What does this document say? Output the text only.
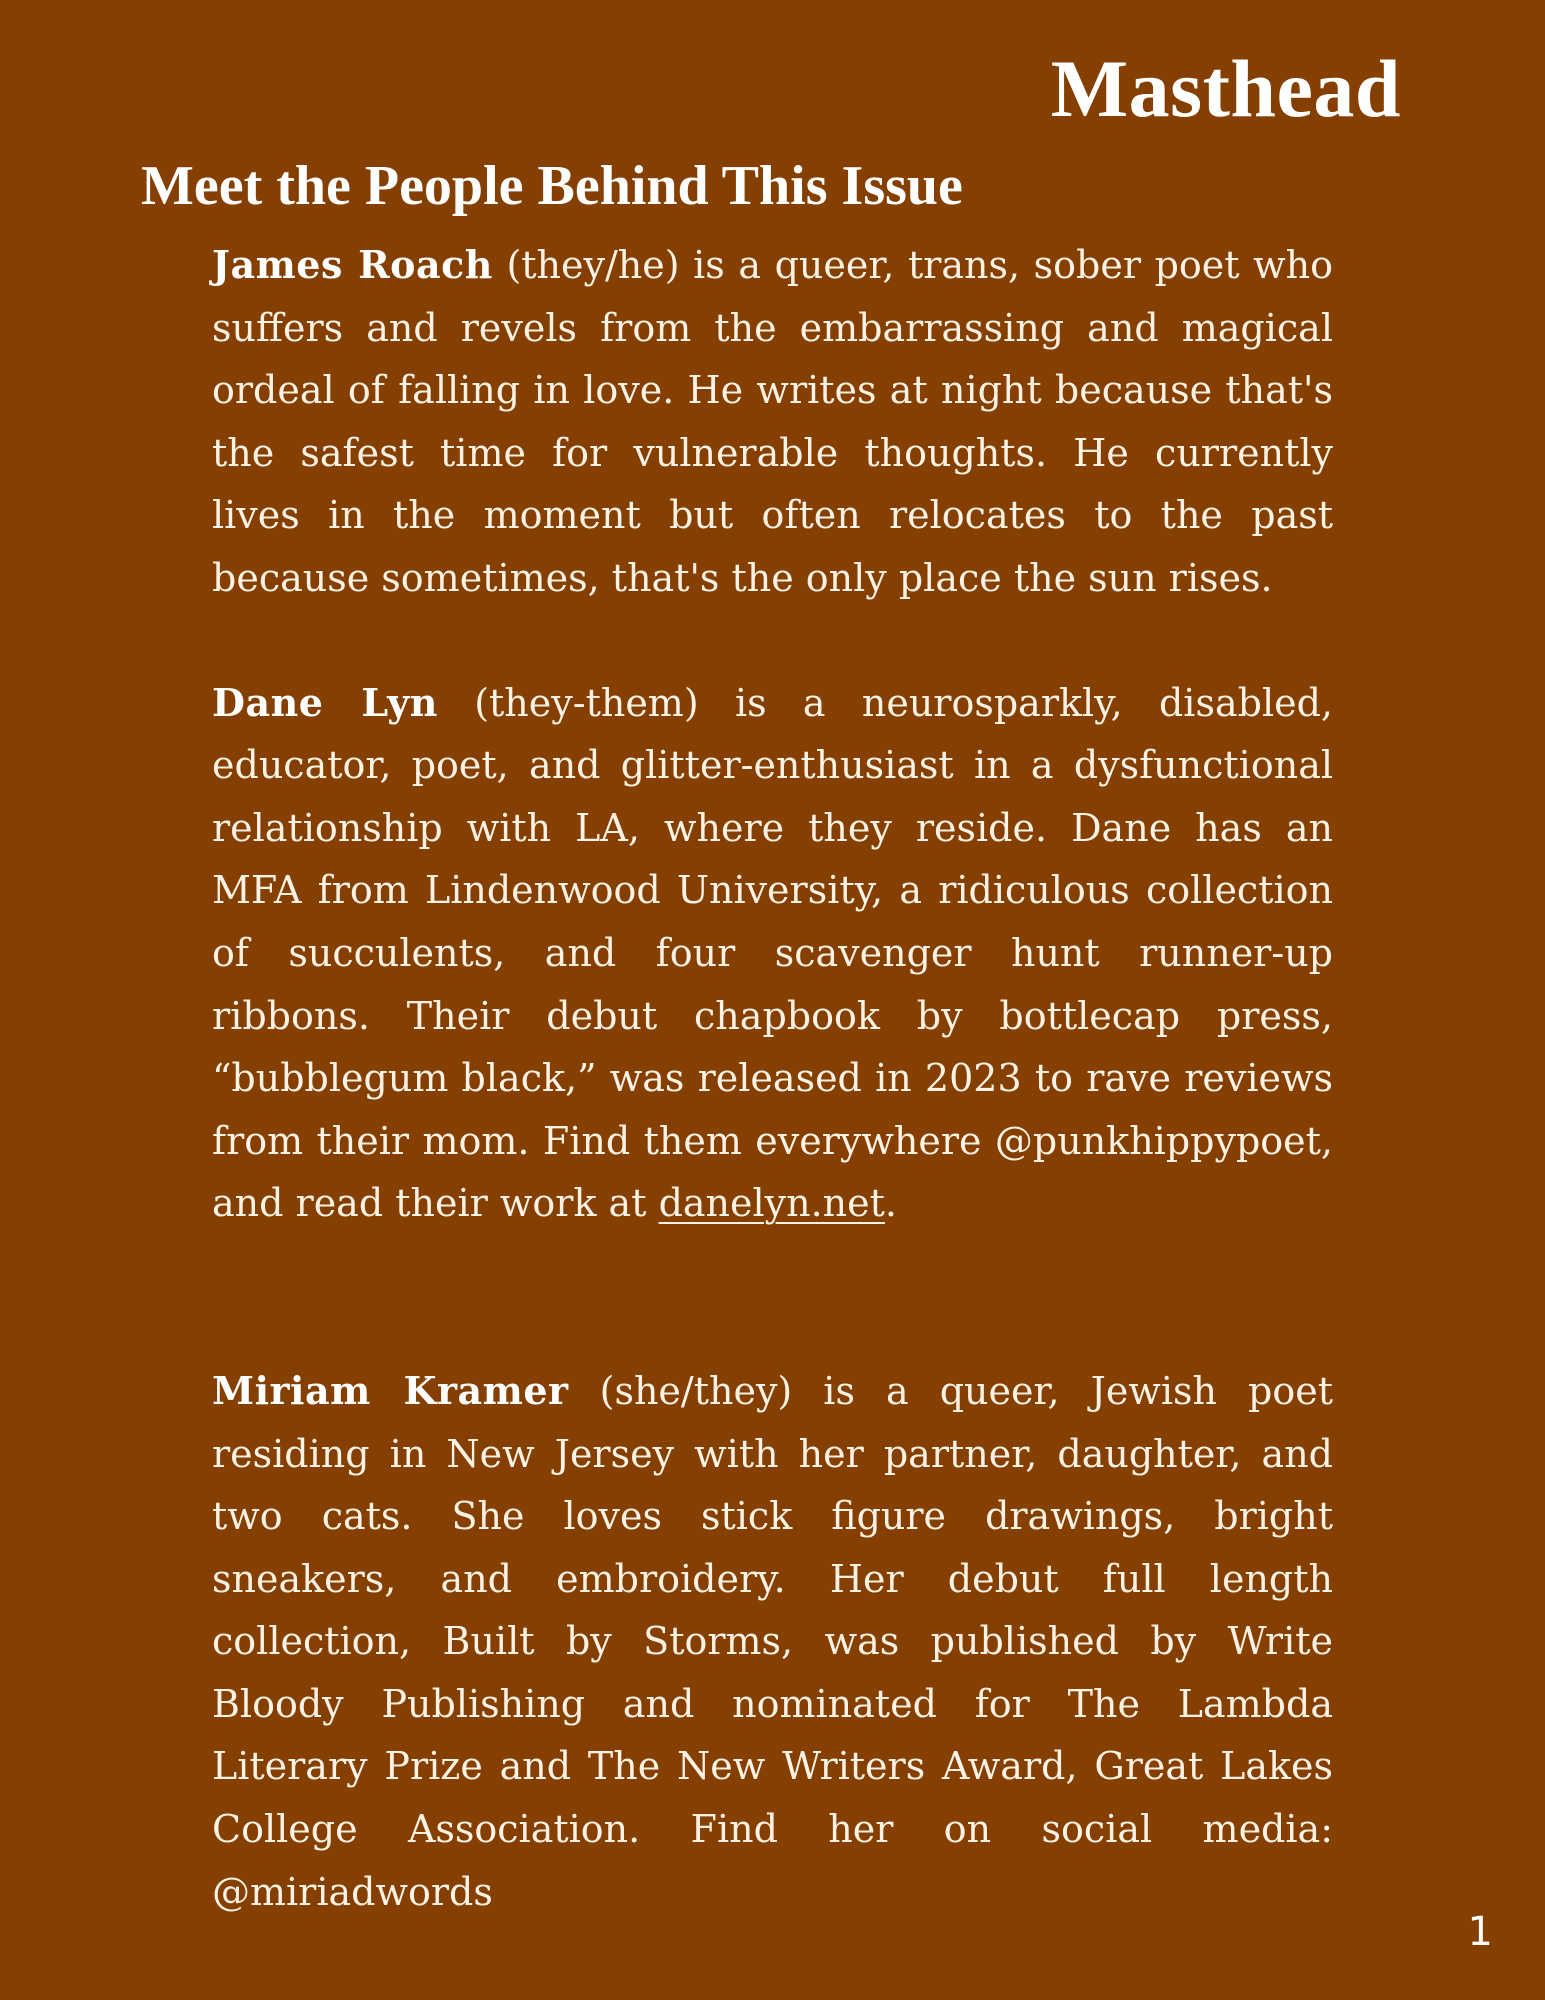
Masthead
Meet the People Behind This Issue

James Roach (they/he) is a queer, trans, sober poet who suffers and revels from the embarrassing and magical ordeal of falling in love. He writes at night because that's the safest time for vulnerable thoughts. He currently lives in the moment but often relocates to the past because sometimes, that's the only place the sun rises.

Dane Lyn (they-them) is a neurosparkly, disabled, educator, poet, and glitter-enthusiast in a dysfunctional relationship with LA, where they reside. Dane has an MFA from Lindenwood University, a ridiculous collection of succulents, and four scavenger hunt runner-up ribbons. Their debut chapbook by bottlecap press, “bubblegum black,” was released in 2023 to rave reviews from their mom. Find them everywhere @punkhippypoet, and read their work at danelyn.net.

Miriam Kramer (she/they) is a queer, Jewish poet residing in New Jersey with her partner, daughter, and two cats. She loves stick figure drawings, bright sneakers, and embroidery. Her debut full length collection, Built by Storms, was published by Write Bloody Publishing and nominated for The Lambda Literary Prize and The New Writers Award, Great Lakes College Association. Find her on social media: @miriadwords

1
